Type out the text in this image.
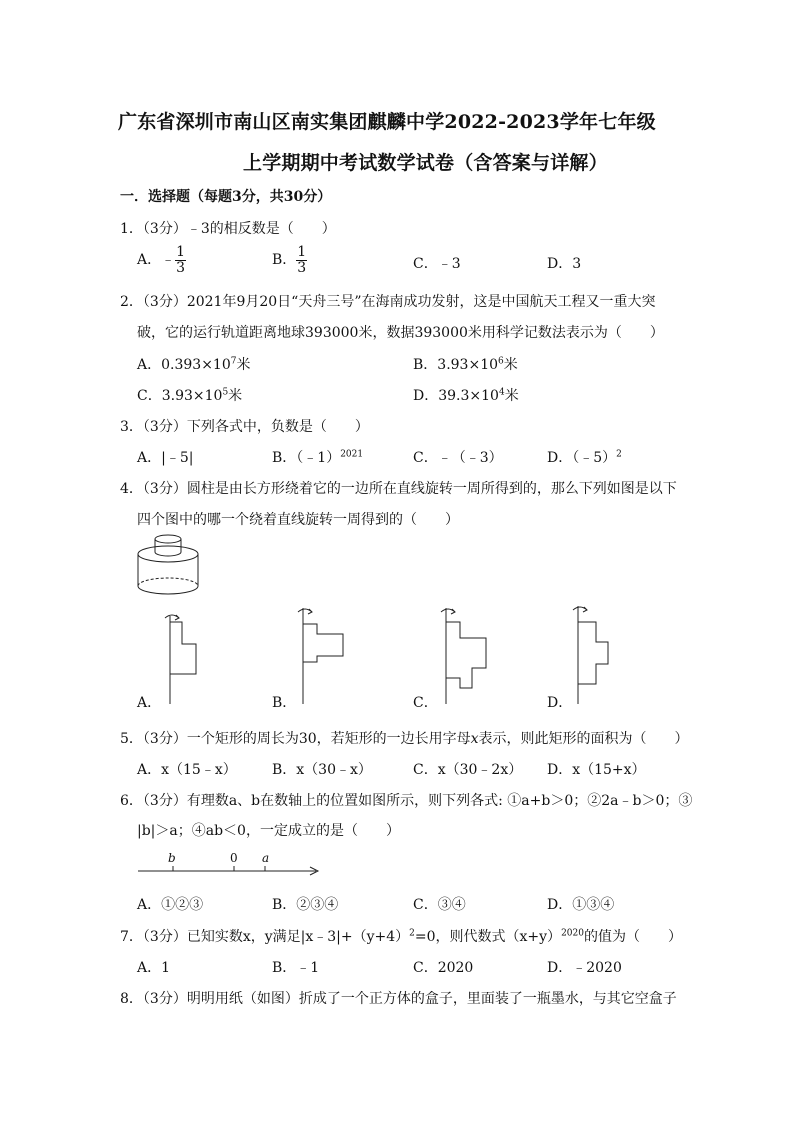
广东省深圳市南山区南实集团麒麟中学2022-2023学年七年级
上学期期中考试数学试卷（含答案与详解）
一．选择题（每题3分，共30分）
1．（3分）﹣3的相反数是（　　）
A．﹣ $\frac{1}{3}$	B． $\frac{1}{3}$	C．﹣3	D．3
2．（3分）2021年9月20日“天舟三号”在海南成功发射，这是中国航天工程又一重大突
破，它的运行轨道距离地球393000米，数据393000米用科学记数法表示为（　　）
A．$0.393\times 10^7$米	B．$3.93\times 10^6$米
C．$3.93\times 10^5$米	D．$39.3\times 10^4$米
3．（3分）下列各式中，负数是（　　）
A．|﹣5|	B．（﹣1）$^{2021}$	C．﹣（﹣3）	D．（﹣5）$^2$
4．（3分）圆柱是由长方形绕着它的一边所在直线旋转一周所得到的，那么下列如图是以下
四个图中的哪一个绕着直线旋转一周得到的（　　）
A．	B．	C．	D．
5．（3分）一个矩形的周长为30，若矩形的一边长用字母x表示，则此矩形的面积为（　　）
A．x（15﹣x）	B．x（30﹣x）	C．x（30﹣2x） D．x（15+x）
6．（3分）有理数a、b在数轴上的位置如图所示，则下列各式: ①a+b＞0；②2a﹣b＞0；③
|b|＞a；④ab＜0，一定成立的是（　　）
b	0 a
A．①②③	B．②③④	C．③④	D．①③④
7．（3分）已知实数x，y满足$|x﹣3|+(y+4)^2=0$，则代数式$(x+y)^{2020}$的值为（　　）
A．1	B．﹣1	C．2020	D．﹣2020
8．（3分）明明用纸（如图）折成了一个正方体的盒子，里面装了一瓶墨水，与其它空盒子
